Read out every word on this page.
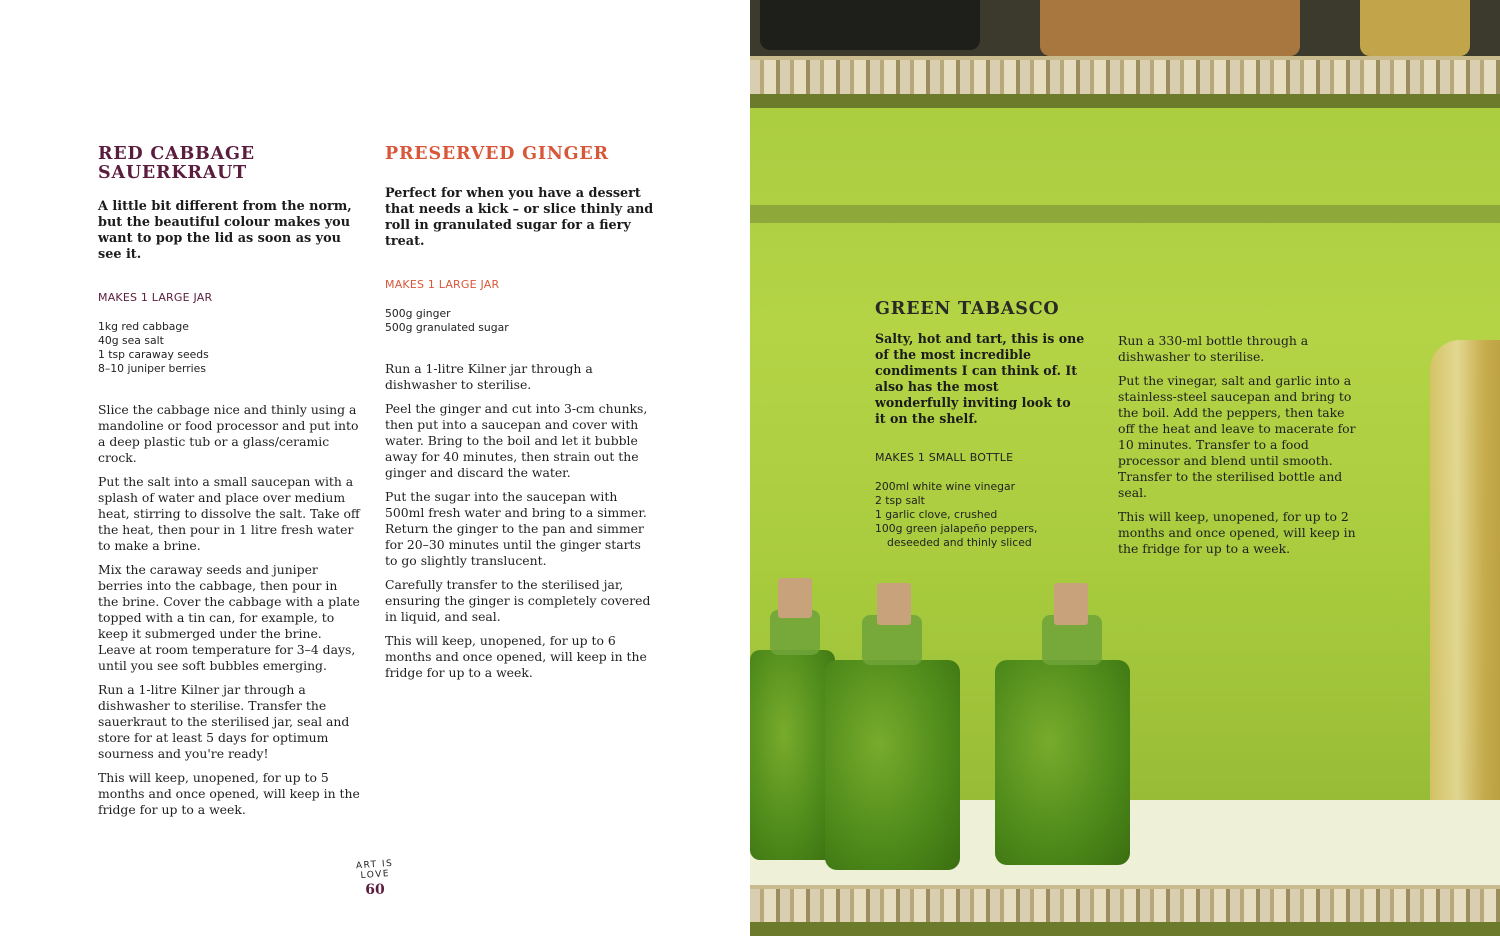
RED CABBAGE SAUERKRAUT

A little bit different from the norm, but the beautiful colour makes you want to pop the lid as soon as you see it.

MAKES 1 LARGE JAR

1kg red cabbage
40g sea salt
1 tsp caraway seeds
8–10 juniper berries

Slice the cabbage nice and thinly using a mandoline or food processor and put into a deep plastic tub or a glass/ceramic crock.

Put the salt into a small saucepan with a splash of water and place over medium heat, stirring to dissolve the salt. Take off the heat, then pour in 1 litre fresh water to make a brine.

Mix the caraway seeds and juniper berries into the cabbage, then pour in the brine. Cover the cabbage with a plate topped with a tin can, for example, to keep it submerged under the brine. Leave at room temperature for 3–4 days, until you see soft bubbles emerging.

Run a 1-litre Kilner jar through a dishwasher to sterilise. Transfer the sauerkraut to the sterilised jar, seal and store for at least 5 days for optimum sourness and you're ready!

This will keep, unopened, for up to 5 months and once opened, will keep in the fridge for up to a week.

PRESERVED GINGER

Perfect for when you have a dessert that needs a kick – or slice thinly and roll in granulated sugar for a fiery treat.

MAKES 1 LARGE JAR

500g ginger
500g granulated sugar

Run a 1-litre Kilner jar through a dishwasher to sterilise.

Peel the ginger and cut into 3-cm chunks, then put into a saucepan and cover with water. Bring to the boil and let it bubble away for 40 minutes, then strain out the ginger and discard the water.

Put the sugar into the saucepan with 500ml fresh water and bring to a simmer. Return the ginger to the pan and simmer for 20–30 minutes until the ginger starts to go slightly translucent.

Carefully transfer to the sterilised jar, ensuring the ginger is completely covered in liquid, and seal.

This will keep, unopened, for up to 6 months and once opened, will keep in the fridge for up to a week.

ART IS LOVE
60
GREEN TABASCO

Salty, hot and tart, this is one of the most incredible condiments I can think of. It also has the most wonderfully inviting look to it on the shelf.

MAKES 1 SMALL BOTTLE

200ml white wine vinegar
2 tsp salt
1 garlic clove, crushed
100g green jalapeño peppers,
deseeded and thinly sliced

Run a 330-ml bottle through a dishwasher to sterilise.

Put the vinegar, salt and garlic into a stainless-steel saucepan and bring to the boil. Add the peppers, then take off the heat and leave to macerate for 10 minutes. Transfer to a food processor and blend until smooth. Transfer to the sterilised bottle and seal.

This will keep, unopened, for up to 2 months and once opened, will keep in the fridge for up to a week.
